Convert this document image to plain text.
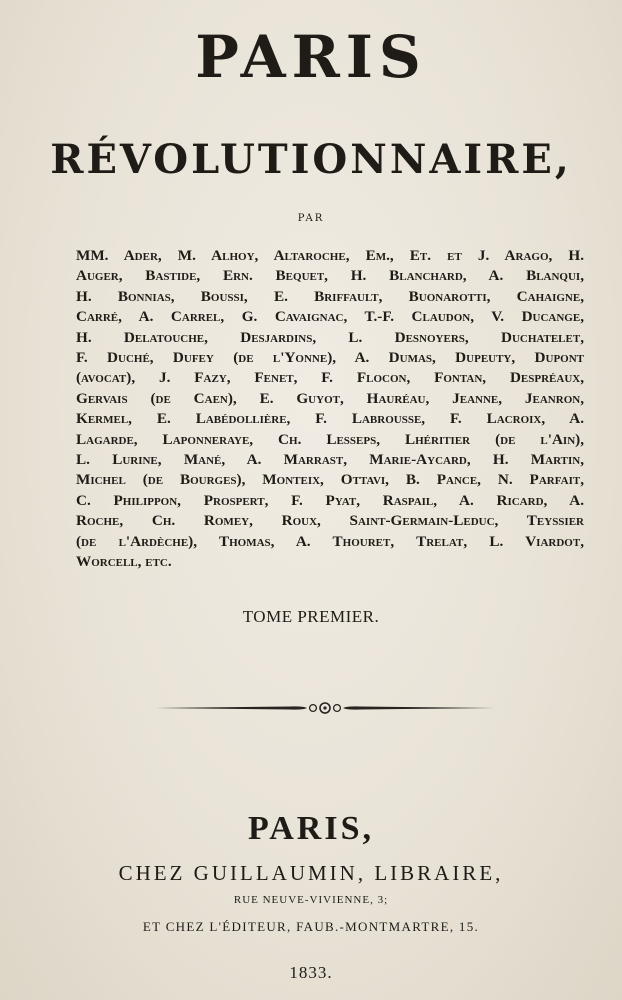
PARIS
RÉVOLUTIONNAIRE,
PAR
MM. Ader, M. Alhoy, Altaroche, Em., Et. et J. Arago, H.
Auger, Bastide, Ern. Bequet, H. Blanchard, A. Blanqui,
H. Bonnias, Boussi, E. Briffault, Buonarotti, Cahaigne,
Carré, A. Carrel, G. Cavaignac, T.-F. Claudon, V. Ducange,
H. Delatouche, Desjardins, L. Desnoyers, Duchatelet,
F. Duché, Dufey (de l'Yonne), A. Dumas, Dupeuty, Dupont
(avocat), J. Fazy, Fenet, F. Flocon, Fontan, Despréaux,
Gervais (de Caen), E. Guyot, Hauréau, Jeanne, Jeanron,
Kermel, E. Labédollière, F. Labrousse, F. Lacroix, A.
Lagarde, Laponneraye, Ch. Lesseps, Lhéritier (de l'Ain),
L. Lurine, Mané, A. Marrast, Marie-Aycard, H. Martin,
Michel (de Bourges), Monteix, Ottavi, B. Pance, N. Parfait,
C. Philippon, Prospert, F. Pyat, Raspail, A. Ricard, A.
Roche, Ch. Romey, Roux, Saint-Germain-Leduc, Teyssier
(de l'Ardèche), Thomas, A. Thouret, Trelat, L. Viardot,
Worcell, etc.
TOME PREMIER.
PARIS,
CHEZ GUILLAUMIN, LIBRAIRE,
RUE NEUVE-VIVIENNE, 3;
ET CHEZ L'ÉDITEUR, FAUB.-MONTMARTRE, 15.
1833.
